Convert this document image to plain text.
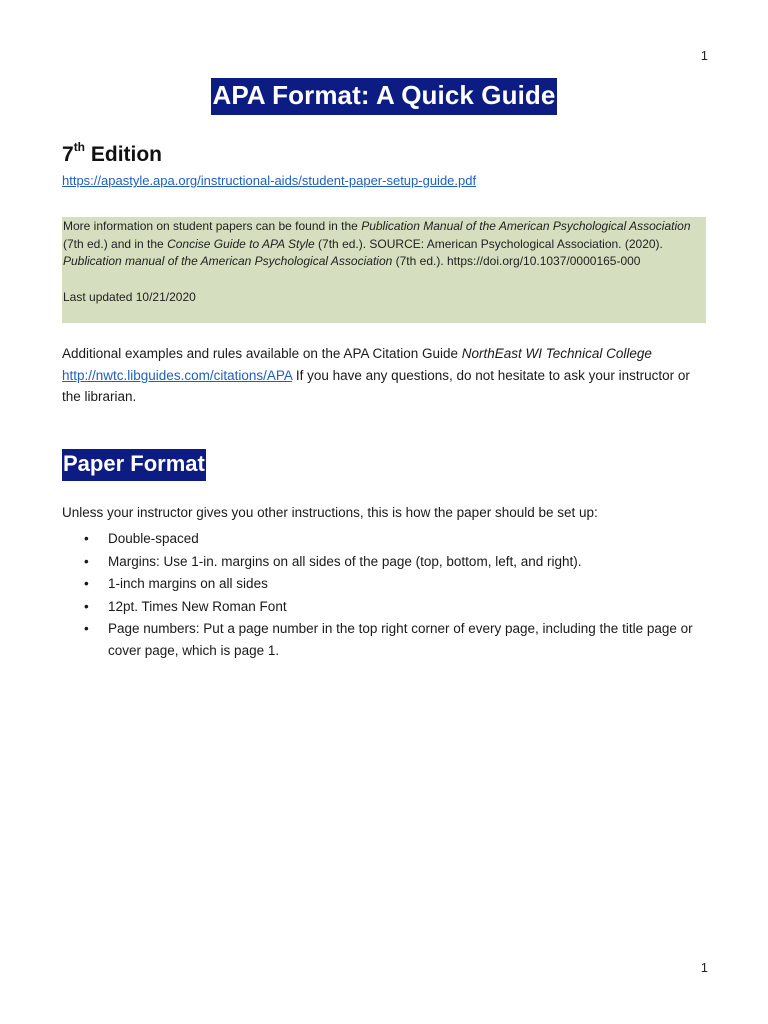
1
APA Format: A Quick Guide
7th Edition
https://apastyle.apa.org/instructional-aids/student-paper-setup-guide.pdf

More information on student papers can be found in the Publication Manual of the American Psychological Association (7th ed.) and in the Concise Guide to APA Style (7th ed.). SOURCE: American Psychological Association. (2020). Publication manual of the American Psychological Association (7th ed.). https://doi.org/10.1037/0000165-000

Last updated 10/21/2020

Additional examples and rules available on the APA Citation Guide NorthEast WI Technical College http://nwtc.libguides.com/citations/APA If you have any questions, do not hesitate to ask your instructor or the librarian.
Paper Format
Unless your instructor gives you other instructions, this is how the paper should be set up:
• Double-spaced
• Margins: Use 1-in. margins on all sides of the page (top, bottom, left, and right).
• 1-inch margins on all sides
• 12pt. Times New Roman Font
• Page numbers: Put a page number in the top right corner of every page, including the title page or cover page, which is page 1.
1
